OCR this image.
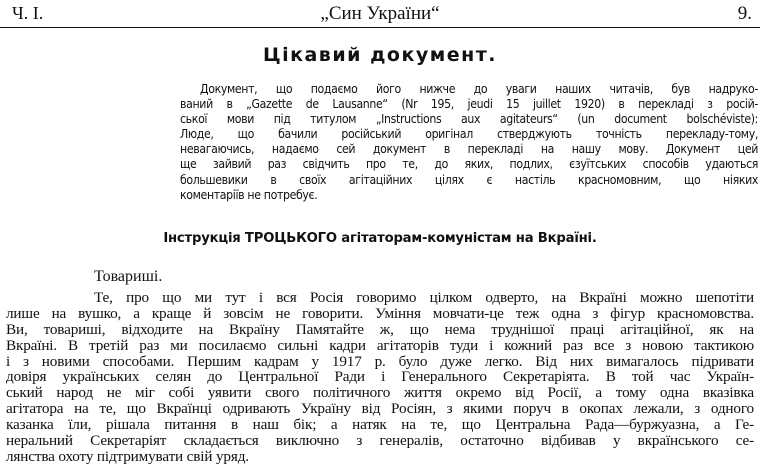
Ч. I.	„Син України“	9.
Цікавий документ.
Документ, що подаємо його нижче до уваги наших читачів, був надруко-
ваний в „Gazette de Lausanne“ (Nr 195, jeudi 15 juillet 1920) в перекладі з росій-
ської мови під титулом „Instructions aux agitateurs“ (un document bolschéviste):
Люде, що бачили російський оригінал стверджують точність перекладу-тому,
невагаючись, надаємо сей документ в перекладі на нашу мову. Документ цей
ще зайвий раз свідчить про те, до яких, подлих, єзуїтських способів удаються
большевики в своїх агітаційних цілях є настіль красномовним, що ніяких
коментаріїв не потребує.
Інструкція ТРОЦЬКОГО агітаторам-комуністам на Вкраїні.
Товариші.
Те, про що ми тут і вся Росія говоримо цілком одверто, на Вкраїні можно шепотіти
лише на вушко, а краще й зовсім не говорити. Уміння мовчати-це теж одна з фігур красномовства.
Ви, товариші, відходите на Вкраїну Памятайте ж, що нема труднішої праці агітаційної, як на
Вкраїні. В третій раз ми посилаємо сильні кадри агітаторів туди і кожний раз все з новою тактикою
і з новими способами. Першим кадрам у 1917 р. було дуже легко. Від них вимагалось підривати
довіря українських селян до Центральної Ради і Генерального Секретаріята. В той час Україн-
ський народ не міг собі уявити свого політичного життя окремо від Росії, а тому одна вказівка
агітатора на те, що Вкраїнці одривають Україну від Росіян, з якими поруч в окопах лежали, з одного
казанка їли, рішала питання в наш бік; а натяк на те, що Центральна Рада—буржуазна, а Ге-
неральний Секретаріят складається виключно з генералів, остаточно відбивав у вкраїнського се-
лянства охоту підтримувати свій уряд.
